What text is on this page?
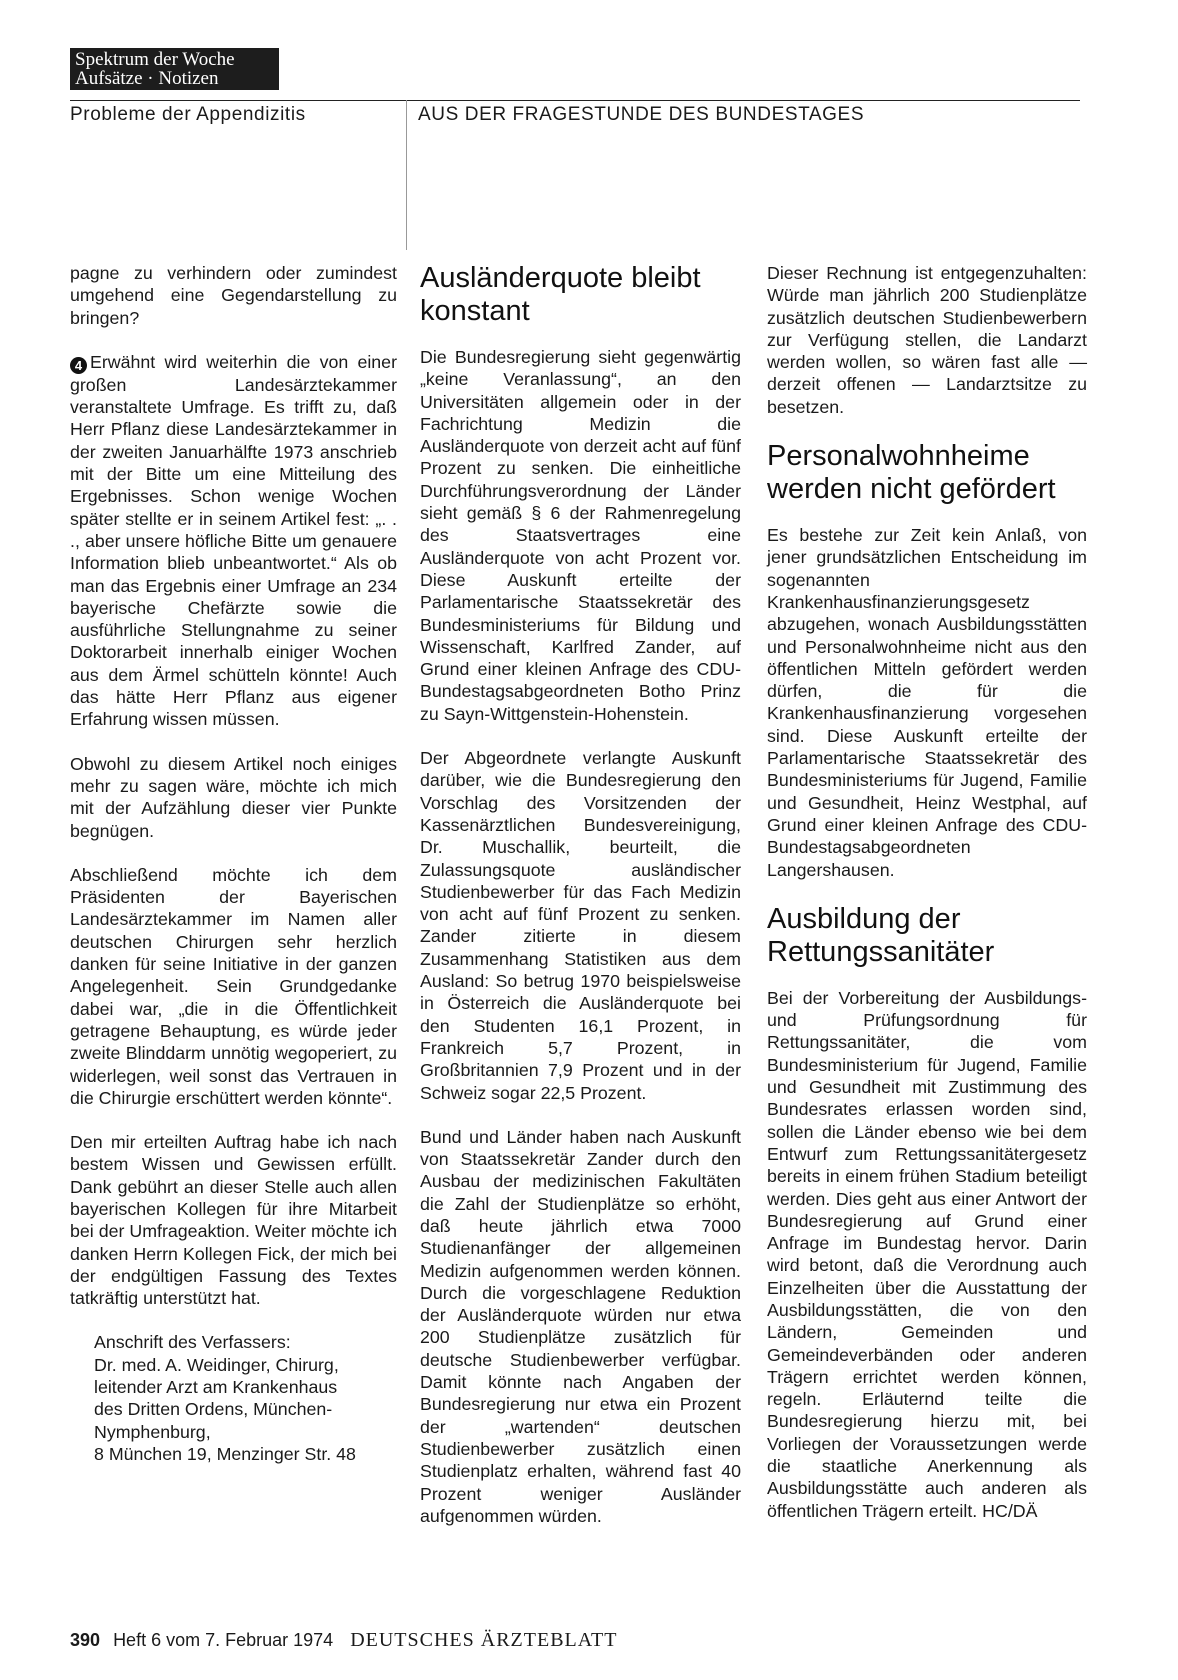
Spektrum der Woche
Aufsätze · Notizen
Probleme der Appendizitis	AUS DER FRAGESTUNDE DES BUNDESTAGES

pagne zu verhindern oder zumindest umgehend eine Gegendarstellung zu bringen?

4 Erwähnt wird weiterhin die von einer großen Landesärztekammer veranstaltete Umfrage. Es trifft zu, daß Herr Pflanz diese Landesärztekammer in der zweiten Januarhälfte 1973 anschrieb mit der Bitte um eine Mitteilung des Ergebnisses. Schon wenige Wochen später stellte er in seinem Artikel fest: „. . ., aber unsere höfliche Bitte um genauere Information blieb unbeantwortet.“ Als ob man das Ergebnis einer Umfrage an 234 bayerische Chefärzte sowie die ausführliche Stellungnahme zu seiner Doktorarbeit innerhalb einiger Wochen aus dem Ärmel schütteln könnte! Auch das hätte Herr Pflanz aus eigener Erfahrung wissen müssen.

Obwohl zu diesem Artikel noch einiges mehr zu sagen wäre, möchte ich mich mit der Aufzählung dieser vier Punkte begnügen.

Abschließend möchte ich dem Präsidenten der Bayerischen Landesärztekammer im Namen aller deutschen Chirurgen sehr herzlich danken für seine Initiative in der ganzen Angelegenheit. Sein Grundgedanke dabei war, „die in die Öffentlichkeit getragene Behauptung, es würde jeder zweite Blinddarm unnötig wegoperiert, zu widerlegen, weil sonst das Vertrauen in die Chirurgie erschüttert werden könnte“.

Den mir erteilten Auftrag habe ich nach bestem Wissen und Gewissen erfüllt. Dank gebührt an dieser Stelle auch allen bayerischen Kollegen für ihre Mitarbeit bei der Umfrageaktion. Weiter möchte ich danken Herrn Kollegen Fick, der mich bei der endgültigen Fassung des Textes tatkräftig unterstützt hat.

Anschrift des Verfassers:
Dr. med. A. Weidinger, Chirurg,
leitender Arzt am Krankenhaus
des Dritten Ordens, München-
Nymphenburg,
8 München 19, Menzinger Str. 48
Ausländerquote bleibt konstant

Die Bundesregierung sieht gegenwärtig „keine Veranlassung“, an den Universitäten allgemein oder in der Fachrichtung Medizin die Ausländerquote von derzeit acht auf fünf Prozent zu senken. Die einheitliche Durchführungsverordnung der Länder sieht gemäß § 6 der Rahmenregelung des Staatsvertrages eine Ausländerquote von acht Prozent vor. Diese Auskunft erteilte der Parlamentarische Staatssekretär des Bundesministeriums für Bildung und Wissenschaft, Karlfred Zander, auf Grund einer kleinen Anfrage des CDU-Bundestagsabgeordneten Botho Prinz zu Sayn-Wittgenstein-Hohenstein.

Der Abgeordnete verlangte Auskunft darüber, wie die Bundesregierung den Vorschlag des Vorsitzenden der Kassenärztlichen Bundesvereinigung, Dr. Muschallik, beurteilt, die Zulassungsquote ausländischer Studienbewerber für das Fach Medizin von acht auf fünf Prozent zu senken. Zander zitierte in diesem Zusammenhang Statistiken aus dem Ausland: So betrug 1970 beispielsweise in Österreich die Ausländerquote bei den Studenten 16,1 Prozent, in Frankreich 5,7 Prozent, in Großbritannien 7,9 Prozent und in der Schweiz sogar 22,5 Prozent.

Bund und Länder haben nach Auskunft von Staatssekretär Zander durch den Ausbau der medizinischen Fakultäten die Zahl der Studienplätze so erhöht, daß heute jährlich etwa 7000 Studienanfänger der allgemeinen Medizin aufgenommen werden können. Durch die vorgeschlagene Reduktion der Ausländerquote würden nur etwa 200 Studienplätze zusätzlich für deutsche Studienbewerber verfügbar. Damit könnte nach Angaben der Bundesregierung nur etwa ein Prozent der „wartenden“ deutschen Studienbewerber zusätzlich einen Studienplatz erhalten, während fast 40 Prozent weniger Ausländer aufgenommen würden.

Dieser Rechnung ist entgegenzuhalten: Würde man jährlich 200 Studienplätze zusätzlich deutschen Studienbewerbern zur Verfügung stellen, die Landarzt werden wollen, so wären fast alle — derzeit offenen — Landarztsitze zu besetzen.

Personalwohnheime werden nicht gefördert

Es bestehe zur Zeit kein Anlaß, von jener grundsätzlichen Entscheidung im sogenannten Krankenhausfinanzierungsgesetz abzugehen, wonach Ausbildungsstätten und Personalwohnheime nicht aus den öffentlichen Mitteln gefördert werden dürfen, die für die Krankenhausfinanzierung vorgesehen sind. Diese Auskunft erteilte der Parlamentarische Staatssekretär des Bundesministeriums für Jugend, Familie und Gesundheit, Heinz Westphal, auf Grund einer kleinen Anfrage des CDU-Bundestagsabgeordneten Langershausen.

Ausbildung der Rettungssanitäter

Bei der Vorbereitung der Ausbildungs- und Prüfungsordnung für Rettungssanitäter, die vom Bundesministerium für Jugend, Familie und Gesundheit mit Zustimmung des Bundesrates erlassen worden sind, sollen die Länder ebenso wie bei dem Entwurf zum Rettungssanitätergesetz bereits in einem frühen Stadium beteiligt werden. Dies geht aus einer Antwort der Bundesregierung auf Grund einer Anfrage im Bundestag hervor. Darin wird betont, daß die Verordnung auch Einzelheiten über die Ausstattung der Ausbildungsstätten, die von den Ländern, Gemeinden und Gemeindeverbänden oder anderen Trägern errichtet werden können, regeln. Erläuternd teilte die Bundesregierung hierzu mit, bei Vorliegen der Voraussetzungen werde die staatliche Anerkennung als Ausbildungsstätte auch anderen als öffentlichen Trägern erteilt. HC/DÄ

390 Heft 6 vom 7. Februar 1974 DEUTSCHES ÄRZTEBLATT
